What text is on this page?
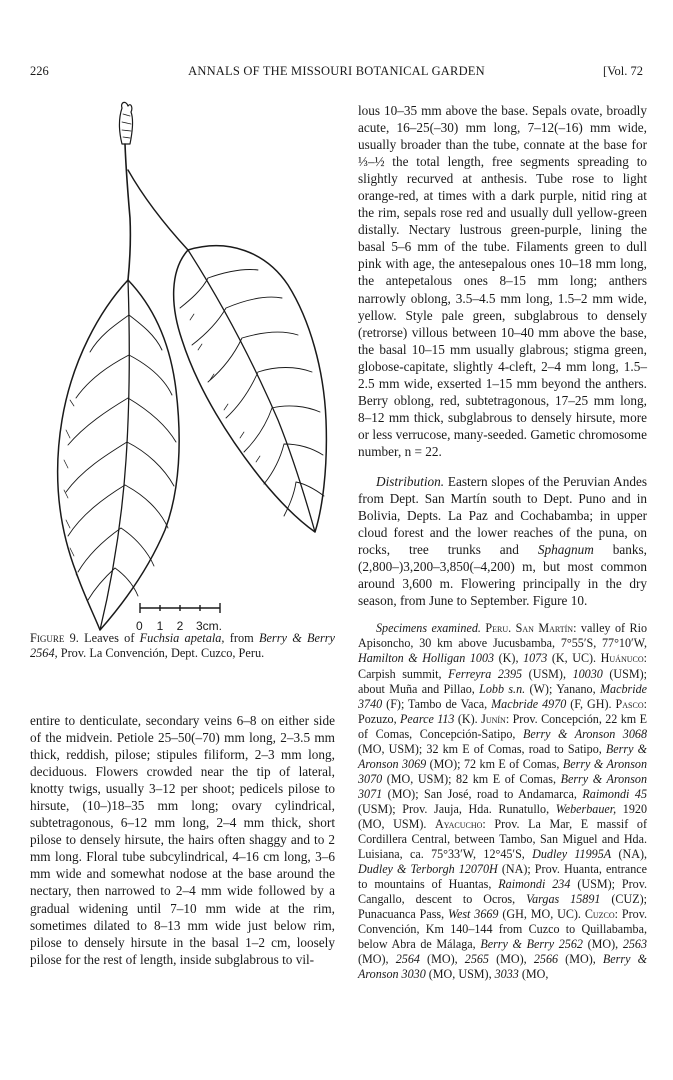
226	ANNALS OF THE MISSOURI BOTANICAL GARDEN	[Vol. 72
0 1 2 3cm.
Figure 9. Leaves of Fuchsia apetala, from Berry & Berry 2564, Prov. La Convención, Dept. Cuzco, Peru.

entire to denticulate, secondary veins 6–8 on either side of the midvein. Petiole 25–50(–70) mm long, 2–3.5 mm thick, reddish, pilose; stipules filiform, 2–3 mm long, deciduous. Flowers crowded near the tip of lateral, knotty twigs, usually 3–12 per shoot; pedicels pilose to hirsute, (10–)18–35 mm long; ovary cylindrical, subtetragonous, 6–12 mm long, 2–4 mm thick, short pilose to densely hirsute, the hairs often shaggy and to 2 mm long. Floral tube subcylindrical, 4–16 cm long, 3–6 mm wide and somewhat nodose at the base around the nectary, then narrowed to 2–4 mm wide followed by a gradual widening until 7–10 mm wide at the rim, sometimes dilated to 8–13 mm wide just below rim, pilose to densely hirsute in the basal 1–2 cm, loosely pilose for the rest of length, inside subglabrous to vil-

lous 10–35 mm above the base. Sepals ovate, broadly acute, 16–25(–30) mm long, 7–12(–16) mm wide, usually broader than the tube, connate at the base for ⅓–½ the total length, free segments spreading to slightly recurved at anthesis. Tube rose to light orange-red, at times with a dark purple, nitid ring at the rim, sepals rose red and usually dull yellow-green distally. Nectary lustrous green-purple, lining the basal 5–6 mm of the tube. Filaments green to dull pink with age, the antesepalous ones 10–18 mm long, the antepetalous ones 8–15 mm long; anthers narrowly oblong, 3.5–4.5 mm long, 1.5–2 mm wide, yellow. Style pale green, subglabrous to densely (retrorse) villous between 10–40 mm above the base, the basal 10–15 mm usually glabrous; stigma green, globose-capitate, slightly 4-cleft, 2–4 mm long, 1.5–2.5 mm wide, exserted 1–15 mm beyond the anthers. Berry oblong, red, subtetragonous, 17–25 mm long, 8–12 mm thick, subglabrous to densely hirsute, more or less verrucose, many-seeded. Gametic chromosome number, n = 22.

Distribution. Eastern slopes of the Peruvian Andes from Dept. San Martín south to Dept. Puno and in Bolivia, Depts. La Paz and Cochabamba; in upper cloud forest and the lower reaches of the puna, on rocks, tree trunks and Sphagnum banks, (2,800–)3,200–3,850(–4,200) m, but most common around 3,600 m. Flowering principally in the dry season, from June to September. Figure 10.

Specimens examined. Peru. San Martín: valley of Rio Apisoncho, 30 km above Jucusbamba, 7°55′S, 77°10′W, Hamilton & Holligan 1003 (K), 1073 (K, UC). Huánuco: Carpish summit, Ferreyra 2395 (USM), 10030 (USM); about Muña and Pillao, Lobb s.n. (W); Yanano, Macbride 3740 (F); Tambo de Vaca, Macbride 4970 (F, GH). Pasco: Pozuzo, Pearce 113 (K). Junín: Prov. Concepción, 22 km E of Comas, Concepción-Satipo, Berry & Aronson 3068 (MO, USM); 32 km E of Comas, road to Satipo, Berry & Aronson 3069 (MO); 72 km E of Comas, Berry & Aronson 3070 (MO, USM); 82 km E of Comas, Berry & Aronson 3071 (MO); San José, road to Andamarca, Raimondi 45 (USM); Prov. Jauja, Hda. Runatullo, Weberbauer, 1920 (MO, USM). Ayacucho: Prov. La Mar, E massif of Cordillera Central, between Tambo, San Miguel and Hda. Luisiana, ca. 75°33′W, 12°45′S, Dudley 11995A (NA), Dudley & Terborgh 12070H (NA); Prov. Huanta, entrance to mountains of Huantas, Raimondi 234 (USM); Prov. Cangallo, descent to Ocros, Vargas 15891 (CUZ); Punacuanca Pass, West 3669 (GH, MO, UC). Cuzco: Prov. Convención, Km 140–144 from Cuzco to Quillabamba, below Abra de Málaga, Berry & Berry 2562 (MO), 2563 (MO), 2564 (MO), 2565 (MO), 2566 (MO), Berry & Aronson 3030 (MO, USM), 3033 (MO,
